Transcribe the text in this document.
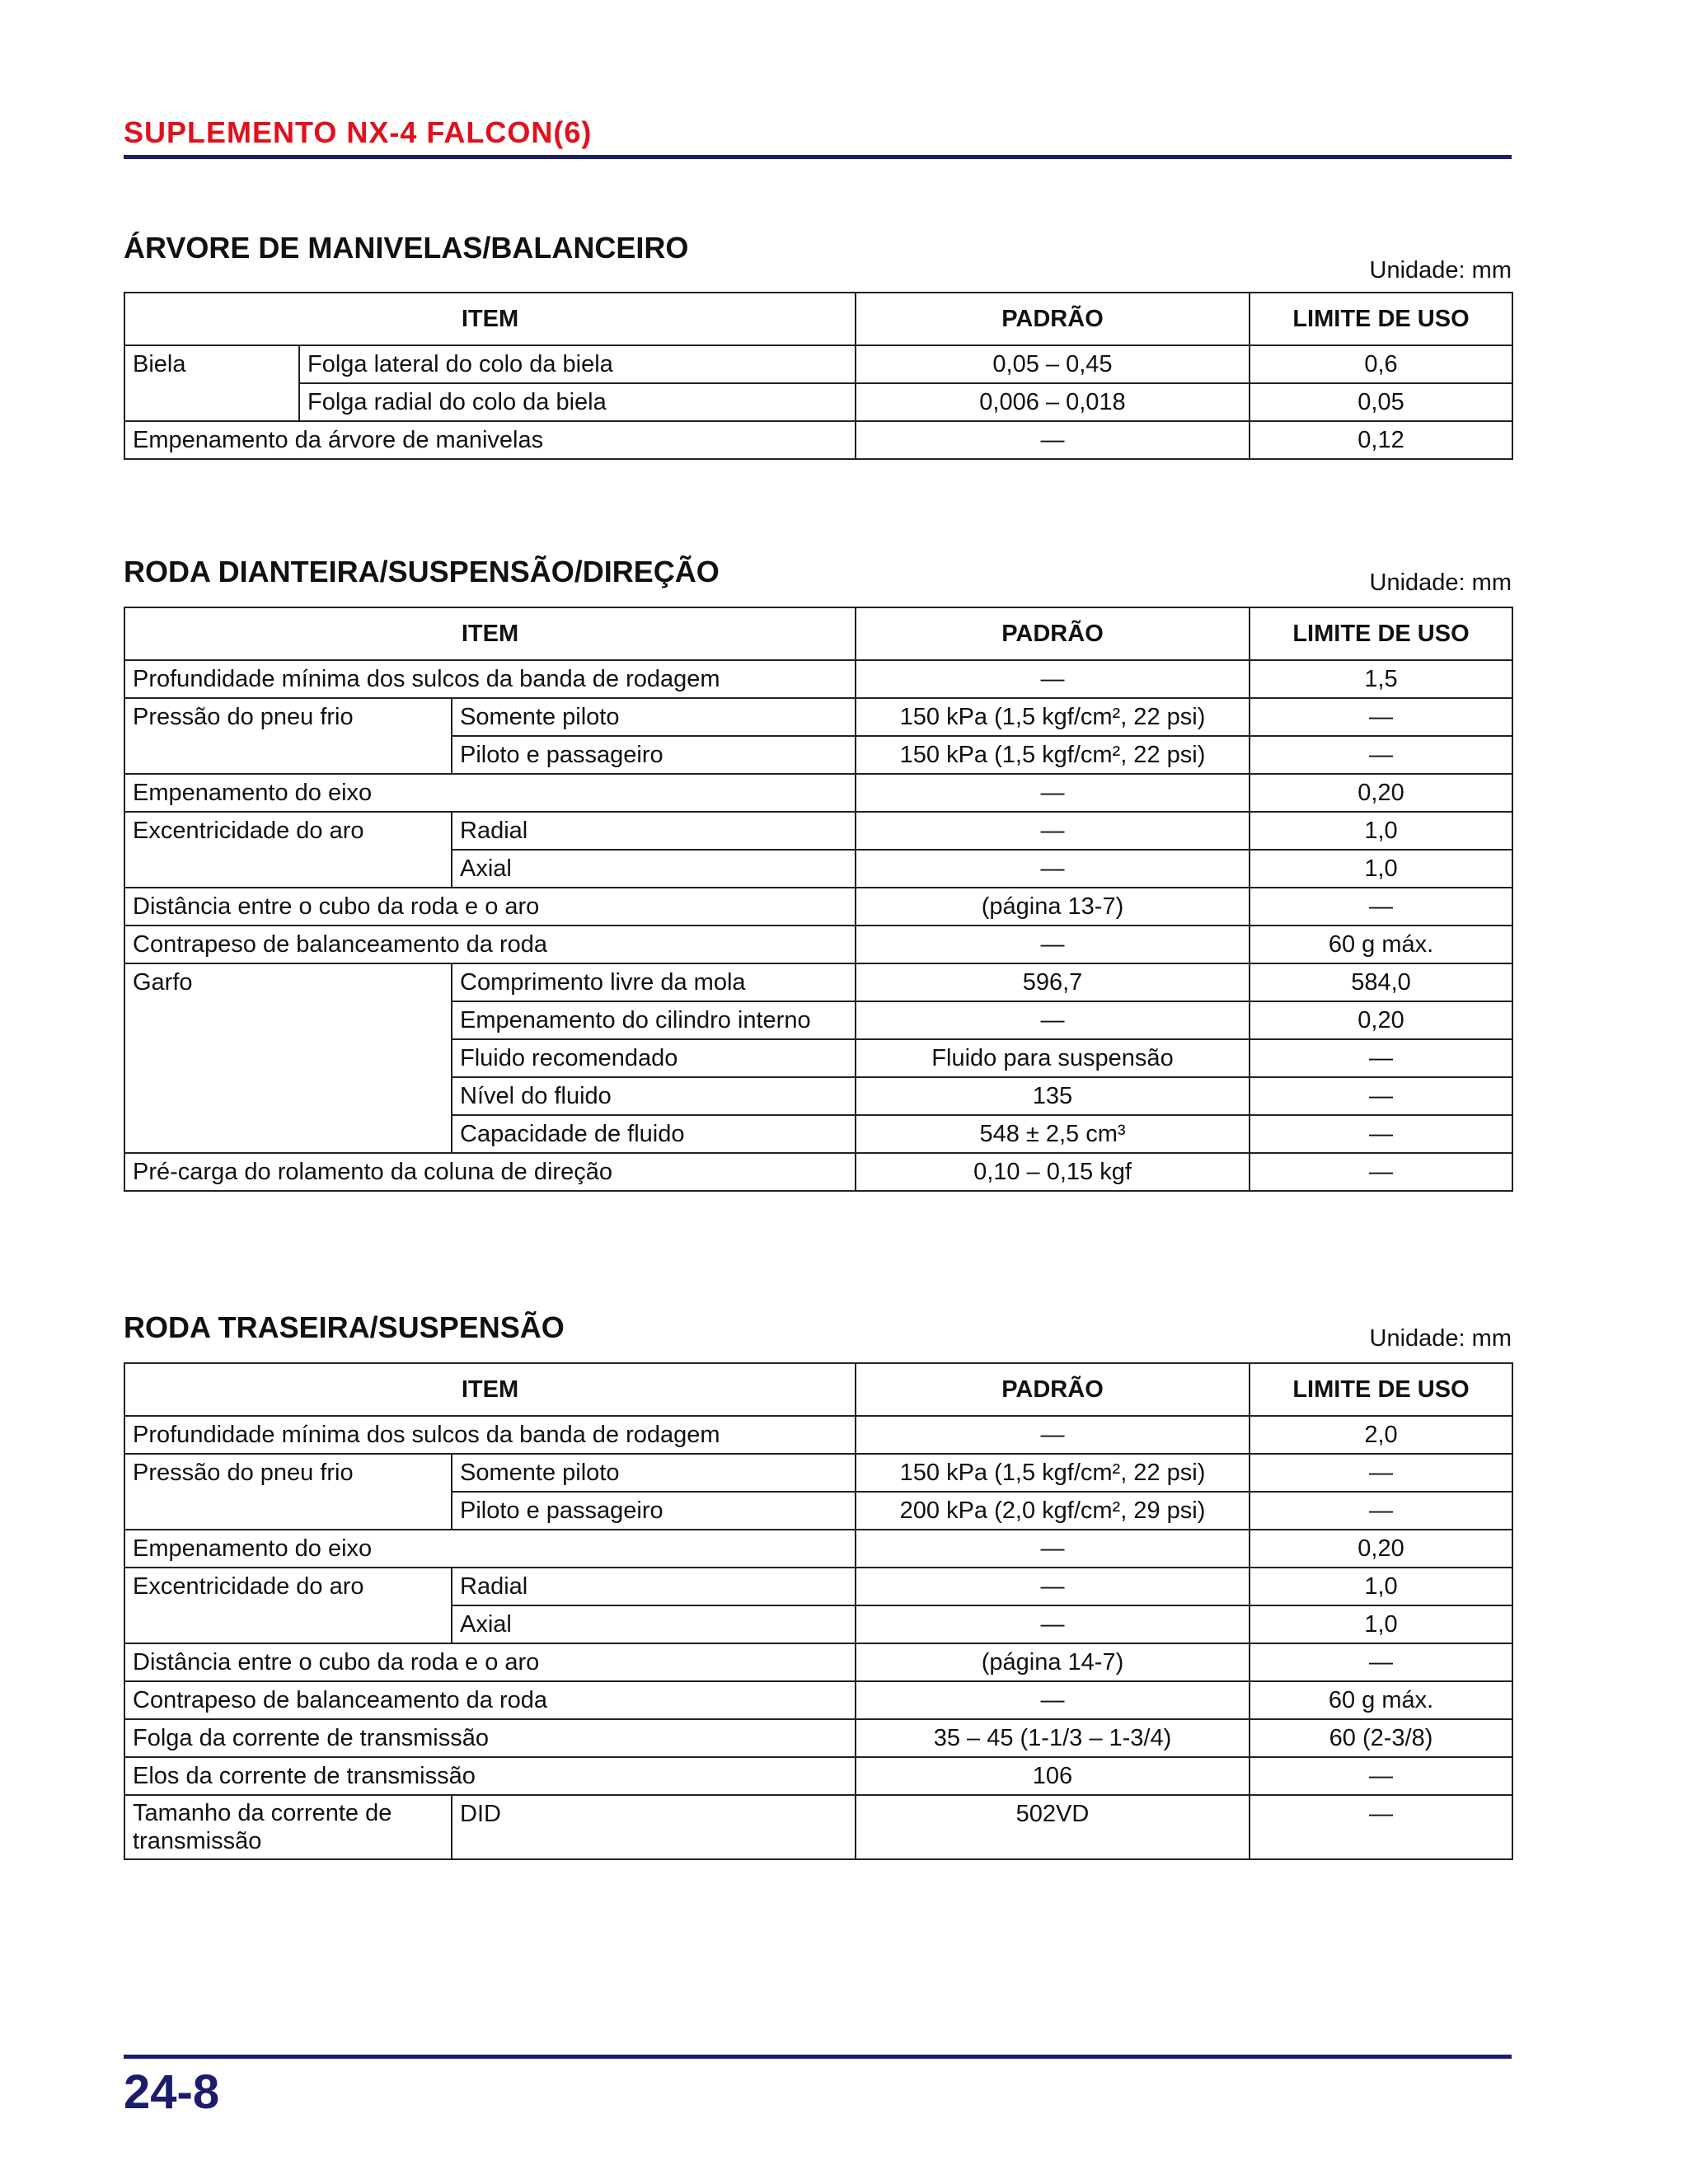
SUPLEMENTO NX-4 FALCON(6)
ÁRVORE DE MANIVELAS/BALANCEIRO
Unidade: mm
ITEM		PADRÃO	LIMITE DE USO
Biela	Folga lateral do colo da biela	0,05 – 0,45	0,6
	Folga radial do colo da biela	0,006 – 0,018	0,05
Empenamento da árvore de manivelas		—	0,12
RODA DIANTEIRA/SUSPENSÃO/DIREÇÃO	Unidade: mm
ITEM		PADRÃO	LIMITE DE USO
Profundidade mínima dos sulcos da banda de rodagem		—	1,5
Pressão do pneu frio	Somente piloto	150 kPa (1,5 kgf/cm², 22 psi)	—
	Piloto e passageiro	150 kPa (1,5 kgf/cm², 22 psi)	—
Empenamento do eixo		—	0,20
Excentricidade do aro	Radial	—	1,0
	Axial	—	1,0
Distância entre o cubo da roda e o aro		(página 13-7)	—
Contrapeso de balanceamento da roda		—	60 g máx.
Garfo	Comprimento livre da mola	596,7	584,0
	Empenamento do cilindro interno	—	0,20
	Fluido recomendado	Fluido para suspensão	—
	Nível do fluido	135	—
	Capacidade de fluido	548 ± 2,5 cm³	—
Pré-carga do rolamento da coluna de direção		0,10 – 0,15 kgf	—
RODA TRASEIRA/SUSPENSÃO	Unidade: mm
ITEM		PADRÃO	LIMITE DE USO
Profundidade mínima dos sulcos da banda de rodagem		—	2,0
Pressão do pneu frio	Somente piloto	150 kPa (1,5 kgf/cm², 22 psi)	—
	Piloto e passageiro	200 kPa (2,0 kgf/cm², 29 psi)	—
Empenamento do eixo		—	0,20
Excentricidade do aro	Radial	—	1,0
	Axial	—	1,0
Distância entre o cubo da roda e o aro		(página 14-7)	—
Contrapeso de balanceamento da roda		—	60 g máx.
Folga da corrente de transmissão		35 – 45 (1-1/3 – 1-3/4)	60 (2-3/8)
Elos da corrente de transmissão		106	—
Tamanho da corrente de transmissão	DID	502VD	—
24-8
